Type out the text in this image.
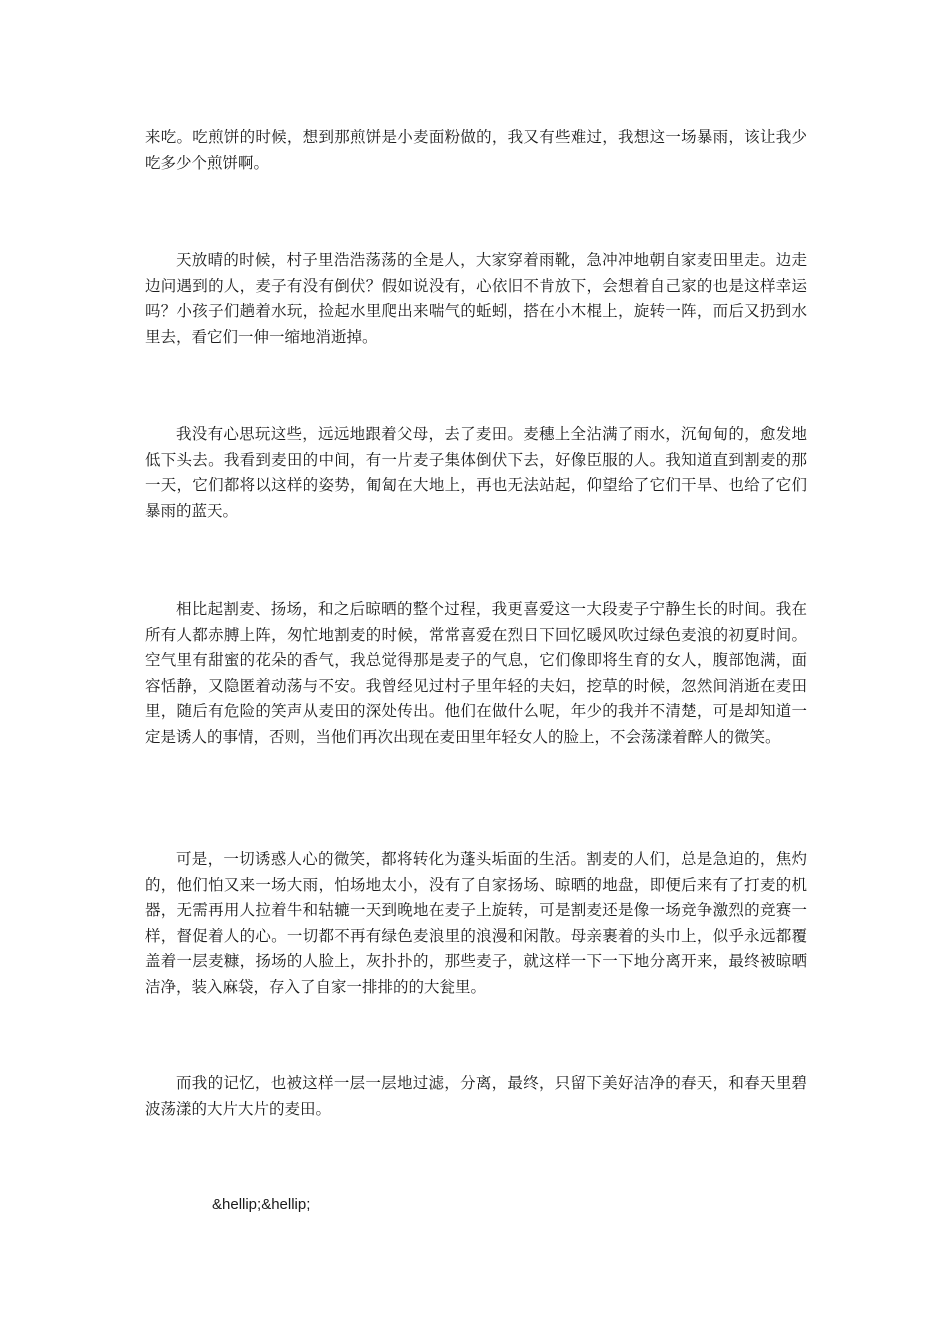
来吃。吃煎饼的时候，想到那煎饼是小麦面粉做的，我又有些难过，我想这一场暴雨，该让我少吃多少个煎饼啊。

天放晴的时候，村子里浩浩荡荡的全是人，大家穿着雨靴，急冲冲地朝自家麦田里走。边走边问遇到的人，麦子有没有倒伏？假如说没有，心依旧不肯放下，会想着自己家的也是这样幸运吗？小孩子们趟着水玩，捡起水里爬出来喘气的蚯蚓，搭在小木棍上，旋转一阵，而后又扔到水里去，看它们一伸一缩地消逝掉。

我没有心思玩这些，远远地跟着父母，去了麦田。麦穗上全沾满了雨水，沉甸甸的，愈发地低下头去。我看到麦田的中间，有一片麦子集体倒伏下去，好像臣服的人。我知道直到割麦的那一天，它们都将以这样的姿势，匍匐在大地上，再也无法站起，仰望给了它们干旱、也给了它们暴雨的蓝天。

相比起割麦、扬场，和之后晾晒的整个过程，我更喜爱这一大段麦子宁静生长的时间。我在所有人都赤膊上阵，匆忙地割麦的时候，常常喜爱在烈日下回忆暖风吹过绿色麦浪的初夏时间。空气里有甜蜜的花朵的香气，我总觉得那是麦子的气息，它们像即将生育的女人，腹部饱满，面容恬静，又隐匿着动荡与不安。我曾经见过村子里年轻的夫妇，挖草的时候，忽然间消逝在麦田里，随后有危险的笑声从麦田的深处传出。他们在做什么呢，年少的我并不清楚，可是却知道一定是诱人的事情，否则，当他们再次出现在麦田里年轻女人的脸上，不会荡漾着醉人的微笑。

可是，一切诱惑人心的微笑，都将转化为蓬头垢面的生活。割麦的人们，总是急迫的，焦灼的，他们怕又来一场大雨，怕场地太小，没有了自家扬场、晾晒的地盘，即便后来有了打麦的机器，无需再用人拉着牛和轱辘一天到晚地在麦子上旋转，可是割麦还是像一场竞争激烈的竞赛一样，督促着人的心。一切都不再有绿色麦浪里的浪漫和闲散。母亲裹着的头巾上，似乎永远都覆盖着一层麦糠，扬场的人脸上，灰扑扑的，那些麦子，就这样一下一下地分离开来，最终被晾晒洁净，装入麻袋，存入了自家一排排的的大瓮里。

而我的记忆，也被这样一层一层地过滤，分离，最终，只留下美好洁净的春天，和春天里碧波荡漾的大片大片的麦田。

&hellip;&hellip;
